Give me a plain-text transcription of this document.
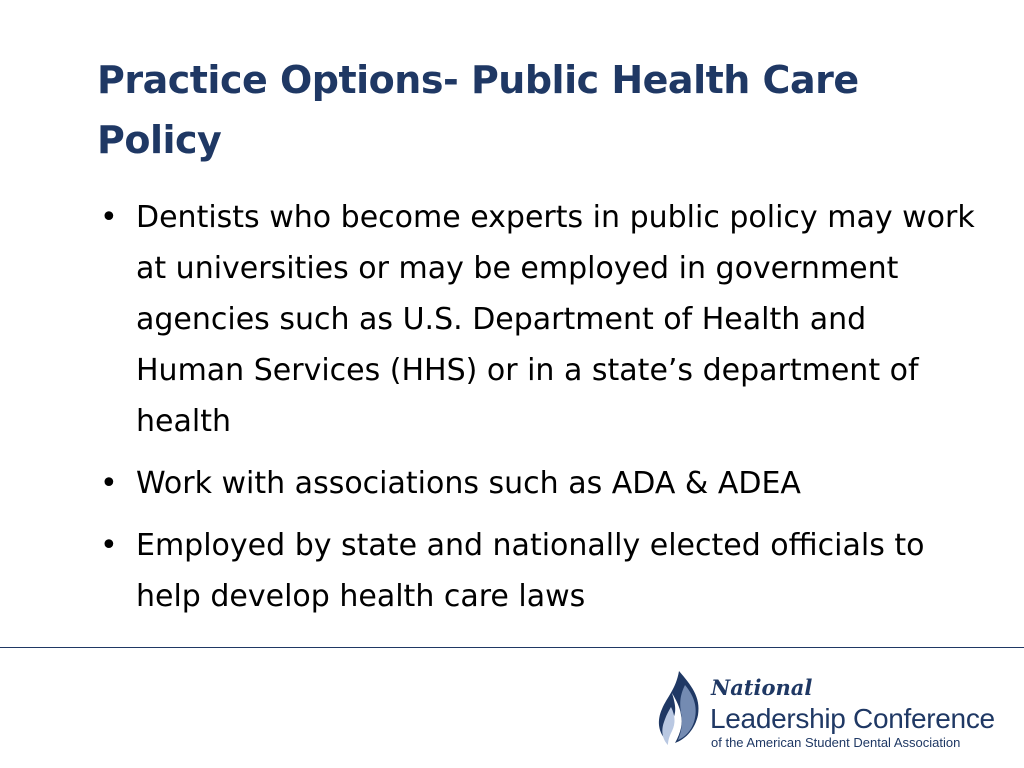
Practice Options- Public Health Care Policy
• Dentists who become experts in public policy may work at universities or may be employed in government agencies such as U.S. Department of Health and Human Services (HHS) or in a state’s department of health
• Work with associations such as ADA & ADEA
• Employed by state and nationally elected officials to help develop health care laws
National
Leadership Conference
of the American Student Dental Association
